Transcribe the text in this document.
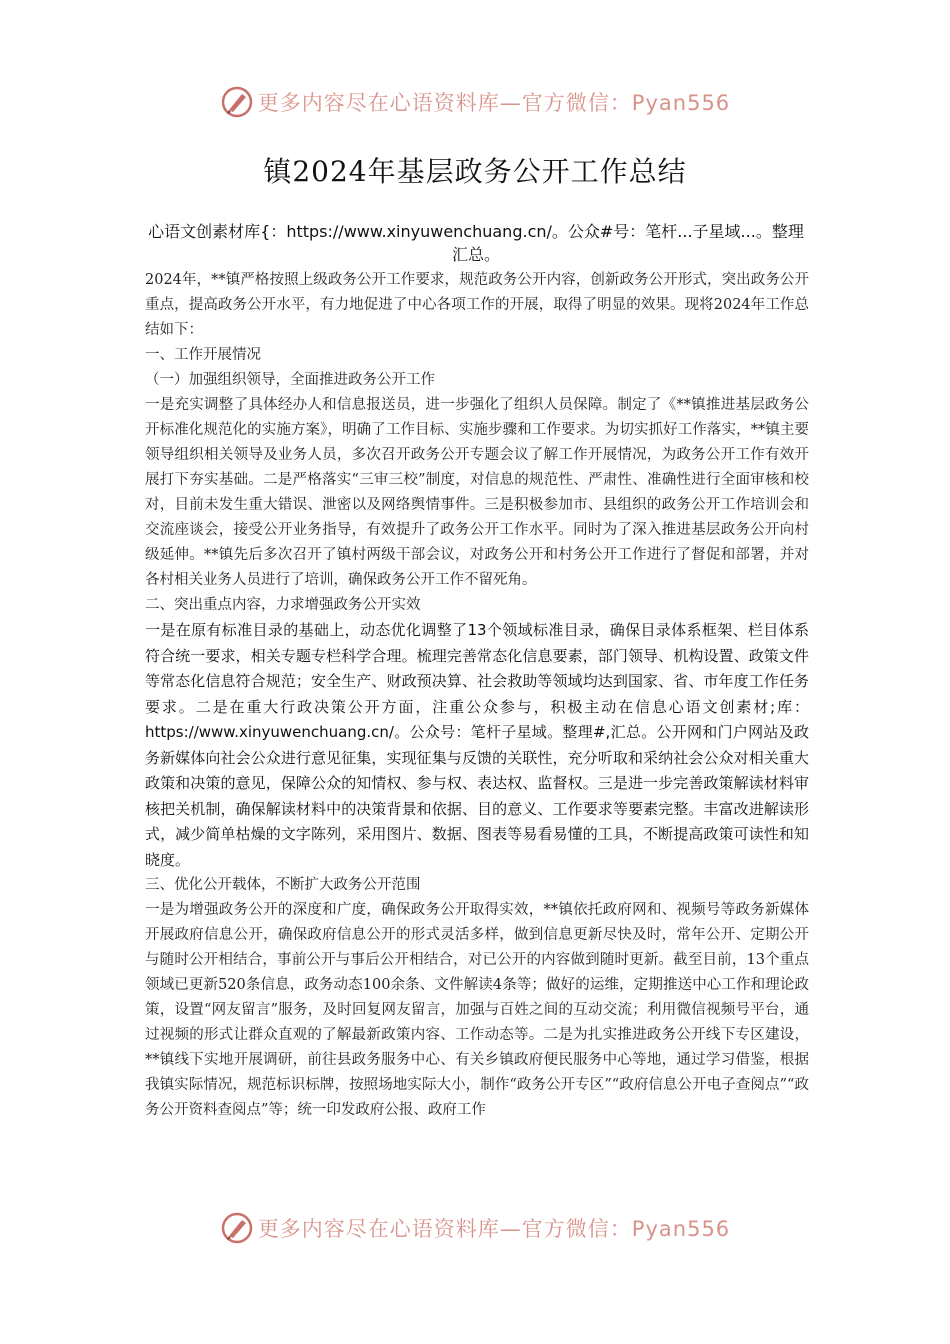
更多内容尽在心语资料库—官方微信：Pyan556
镇2024年基层政务公开工作总结
心语文创素材库{：https://www.xinyuwenchuang.cn/。公众#号：笔杆...子星域...。整理汇总。

2024年，**镇严格按照上级政务公开工作要求，规范政务公开内容，创新政务公开形式，突出政务公开重点，提高政务公开水平，有力地促进了中心各项工作的开展，取得了明显的效果。现将2024年工作总结如下：

一、工作开展情况

（一）加强组织领导，全面推进政务公开工作

一是充实调整了具体经办人和信息报送员，进一步强化了组织人员保障。制定了《**镇推进基层政务公开标准化规范化的实施方案》，明确了工作目标、实施步骤和工作要求。为切实抓好工作落实，**镇主要领导组织相关领导及业务人员，多次召开政务公开专题会议了解工作开展情况，为政务公开工作有效开展打下夯实基础。二是严格落实“三审三校”制度，对信息的规范性、严肃性、准确性进行全面审核和校对，目前未发生重大错误、泄密以及网络舆情事件。三是积极参加市、县组织的政务公开工作培训会和交流座谈会，接受公开业务指导，有效提升了政务公开工作水平。同时为了深入推进基层政务公开向村级延伸。**镇先后多次召开了镇村两级干部会议，对政务公开和村务公开工作进行了督促和部署，并对各村相关业务人员进行了培训，确保政务公开工作不留死角。

二、突出重点内容，力求增强政务公开实效

一是在原有标准目录的基础上，动态优化调整了13个领域标准目录，确保目录体系框架、栏目体系符合统一要求，相关专题专栏科学合理。梳理完善常态化信息要素，部门领导、机构设置、政策文件等常态化信息符合规范；安全生产、财政预决算、社会救助等领域均达到国家、省、市年度工作任务要求。二是在重大行政决策公开方面，注重公众参与，积极主动在信息心语文创素材;库：https://www.xinyuwenchuang.cn/。公众号：笔杆子星域。整理#,汇总。公开网和门户网站及政务新媒体向社会公众进行意见征集，实现征集与反馈的关联性，充分听取和采纳社会公众对相关重大政策和决策的意见，保障公众的知情权、参与权、表达权、监督权。三是进一步完善政策解读材料审核把关机制，确保解读材料中的决策背景和依据、目的意义、工作要求等要素完整。丰富改进解读形式，减少简单枯燥的文字陈列，采用图片、数据、图表等易看易懂的工具，不断提高政策可读性和知晓度。

三、优化公开载体，不断扩大政务公开范围

一是为增强政务公开的深度和广度，确保政务公开取得实效，**镇依托政府网和、视频号等政务新媒体开展政府信息公开，确保政府信息公开的形式灵活多样，做到信息更新尽快及时，常年公开、定期公开与随时公开相结合，事前公开与事后公开相结合，对已公开的内容做到随时更新。截至目前，13个重点领域已更新520条信息，政务动态100余条、文件解读4条等；做好的运维，定期推送中心工作和理论政策，设置“网友留言”服务，及时回复网友留言，加强与百姓之间的互动交流；利用微信视频号平台，通过视频的形式让群众直观的了解最新政策内容、工作动态等。二是为扎实推进政务公开线下专区建设，**镇线下实地开展调研，前往县政务服务中心、有关乡镇政府便民服务中心等地，通过学习借鉴，根据我镇实际情况，规范标识标牌，按照场地实际大小，制作“政务公开专区”“政府信息公开电子查阅点”“政务公开资料查阅点”等；统一印发政府公报、政府工作

更多内容尽在心语资料库—官方微信：Pyan556
